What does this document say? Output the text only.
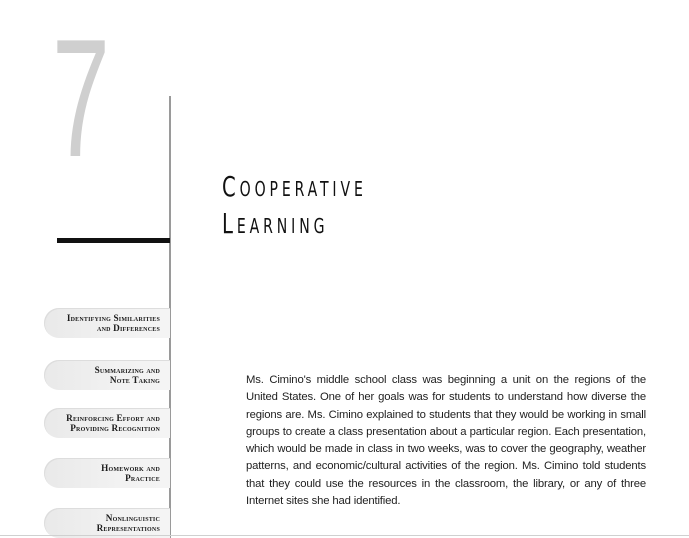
7	Cooperative
Learning
Identifying Similarities
and Differences
Summarizing and
Note Taking
Reinforcing Effort and
Providing Recognition
Homework and
Practice
Nonlinguistic
Representations

Ms. Cimino's middle school class was beginning a unit on the regions of the United States. One of her goals was for students to understand how diverse the regions are. Ms. Cimino explained to students that they would be working in small groups to create a class presentation about a particular region. Each presentation, which would be made in class in two weeks, was to cover the geography, weather patterns, and economic/cultural activities of the region. Ms. Cimino told students that they could use the resources in the classroom, the library, or any of three Internet sites she had identified.
